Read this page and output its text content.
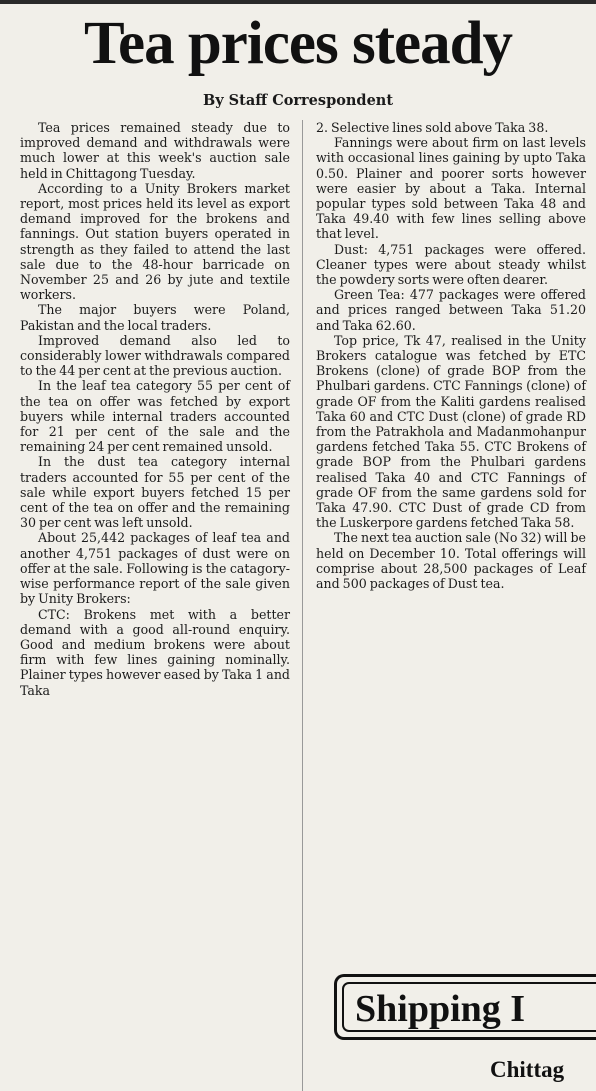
Tea prices steady
By Staff Correspondent

Tea prices remained steady due to improved demand and withdrawals were much lower at this week's auction sale held in Chittagong Tuesday.

According to a Unity Brokers market report, most prices held its level as export demand improved for the brokens and fannings. Out station buyers operated in strength as they failed to attend the last sale due to the 48-hour barricade on November 25 and 26 by jute and textile workers.

The major buyers were Poland, Pakistan and the local traders.

Improved demand also led to considerably lower withdrawals compared to the 44 per cent at the previous auction.

In the leaf tea category 55 per cent of the tea on offer was fetched by export buyers while internal traders accounted for 21 per cent of the sale and the remaining 24 per cent remained unsold.

In the dust tea category internal traders accounted for 55 per cent of the sale while export buyers fetched 15 per cent of the tea on offer and the remaining 30 per cent was left unsold.

About 25,442 packages of leaf tea and another 4,751 packages of dust were on offer at the sale. Following is the catagory-wise performance report of the sale given by Unity Brokers:

CTC: Brokens met with a better demand with a good all-round enquiry. Good and medium brokens were about firm with few lines gaining nominally. Plainer types however eased by Taka 1 and Taka

2. Selective lines sold above Taka 38.

Fannings were about firm on last levels with occasional lines gaining by upto Taka 0.50. Plainer and poorer sorts however were easier by about a Taka. Internal popular types sold between Taka 48 and Taka 49.40 with few lines selling above that level.

Dust: 4,751 packages were offered. Cleaner types were about steady whilst the powdery sorts were often dearer.

Green Tea: 477 packages were offered and prices ranged between Taka 51.20 and Taka 62.60.

Top price, Tk 47, realised in the Unity Brokers catalogue was fetched by ETC Brokens (clone) of grade BOP from the Phulbari gardens. CTC Fannings (clone) of grade OF from the Kaliti gardens realised Taka 60 and CTC Dust (clone) of grade RD from the Patrakhola and Madanmohanpur gardens fetched Taka 55. CTC Brokens of grade BOP from the Phulbari gardens realised Taka 40 and CTC Fannings of grade OF from the same gardens sold for Taka 47.90. CTC Dust of grade CD from the Luskerpore gardens fetched Taka 58.

The next tea auction sale (No 32) will be held on December 10. Total offerings will comprise about 28,500 packages of Leaf and 500 packages of Dust tea.

Shipping I
Chittag
